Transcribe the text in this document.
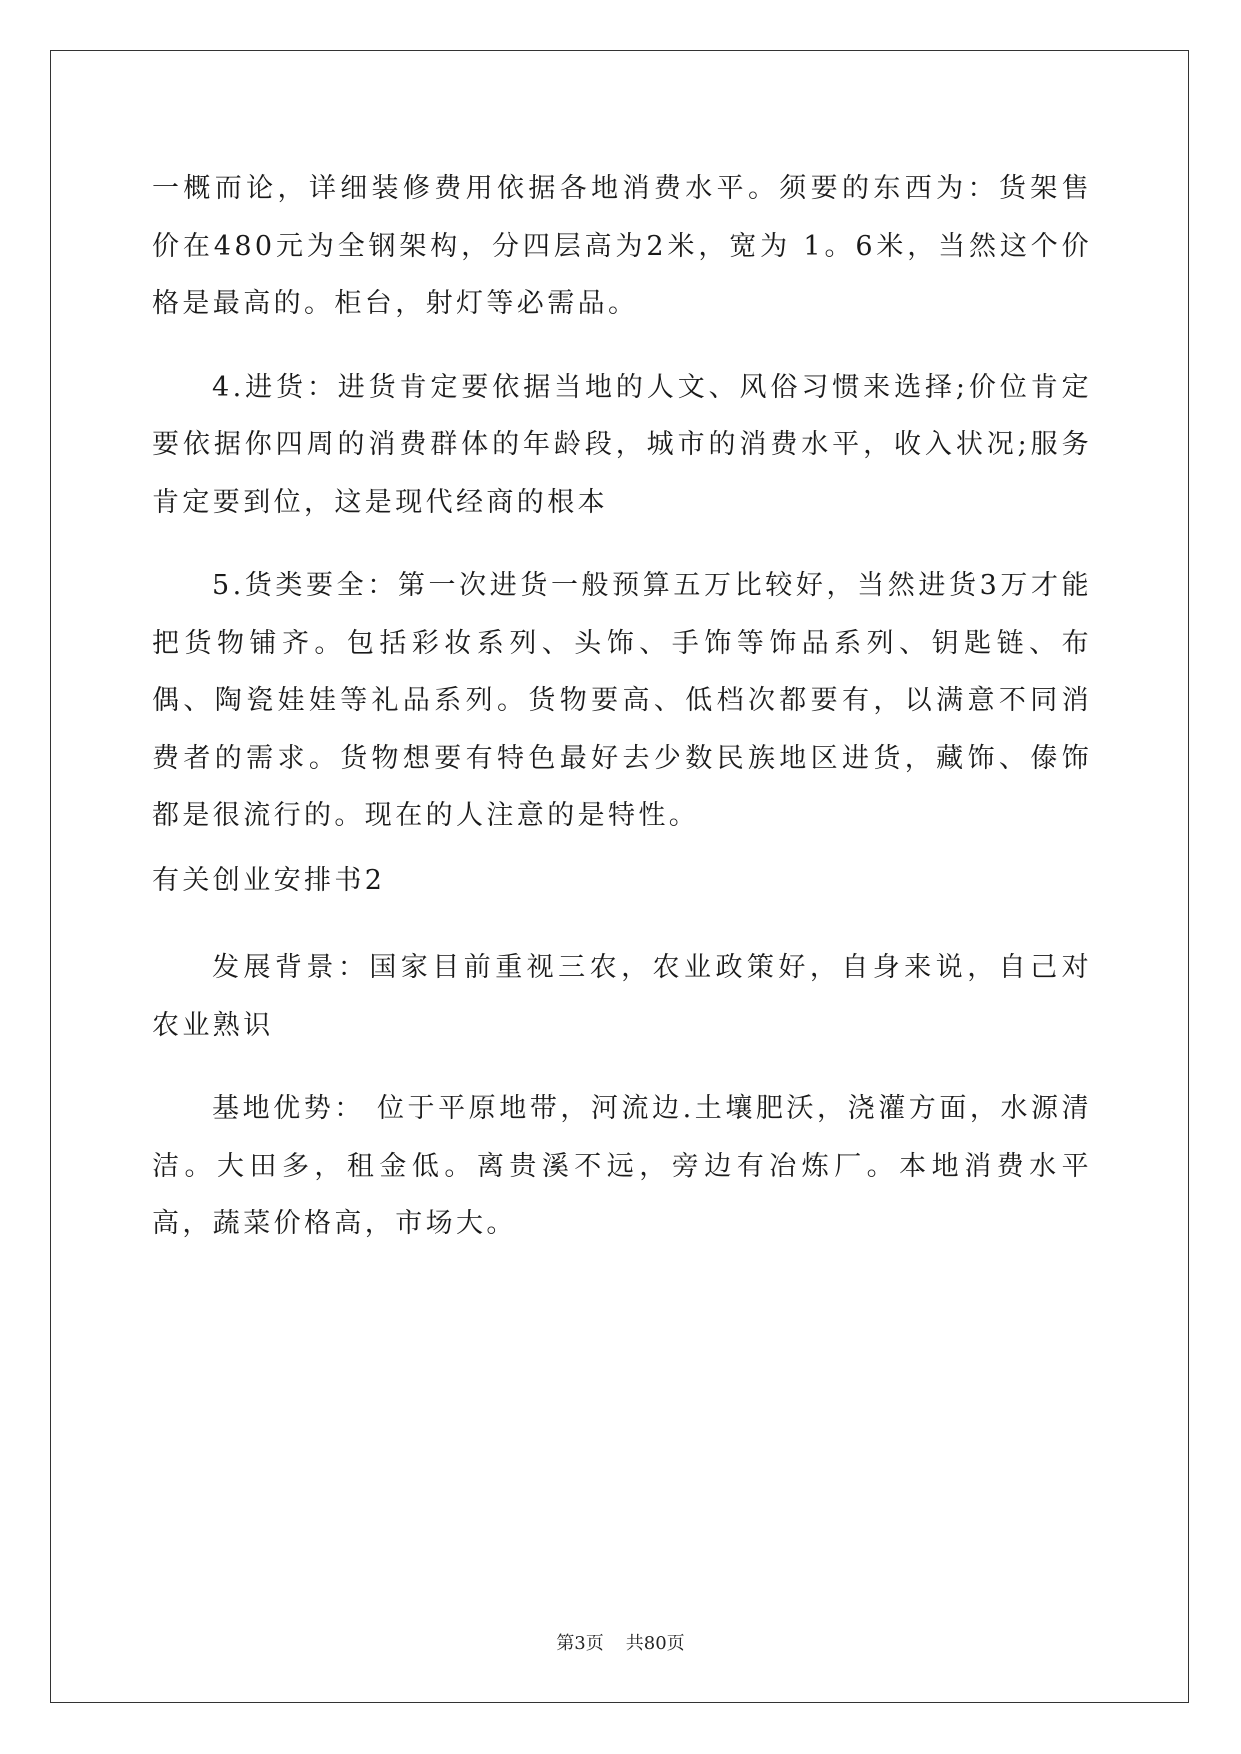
一概而论，详细装修费用依据各地消费水平。须要的东西为：货架售价在480元为全钢架构，分四层高为2米，宽为 1。6米，当然这个价格是最高的。柜台，射灯等必需品。

4.进货：进货肯定要依据当地的人文、风俗习惯来选择;价位肯定要依据你四周的消费群体的年龄段，城市的消费水平，收入状况;服务肯定要到位，这是现代经商的根本

5.货类要全：第一次进货一般预算五万比较好，当然进货3万才能把货物铺齐。包括彩妆系列、头饰、手饰等饰品系列、钥匙链、布偶、陶瓷娃娃等礼品系列。货物要高、低档次都要有，以满意不同消费者的需求。货物想要有特色最好去少数民族地区进货，藏饰、傣饰都是很流行的。现在的人注意的是特性。

有关创业安排书2

发展背景：国家目前重视三农，农业政策好，自身来说，自己对农业熟识

基地优势： 位于平原地带，河流边.土壤肥沃，浇灌方面，水源清洁。大田多，租金低。离贵溪不远，旁边有冶炼厂。本地消费水平高，蔬菜价格高，市场大。

第3页 共80页
